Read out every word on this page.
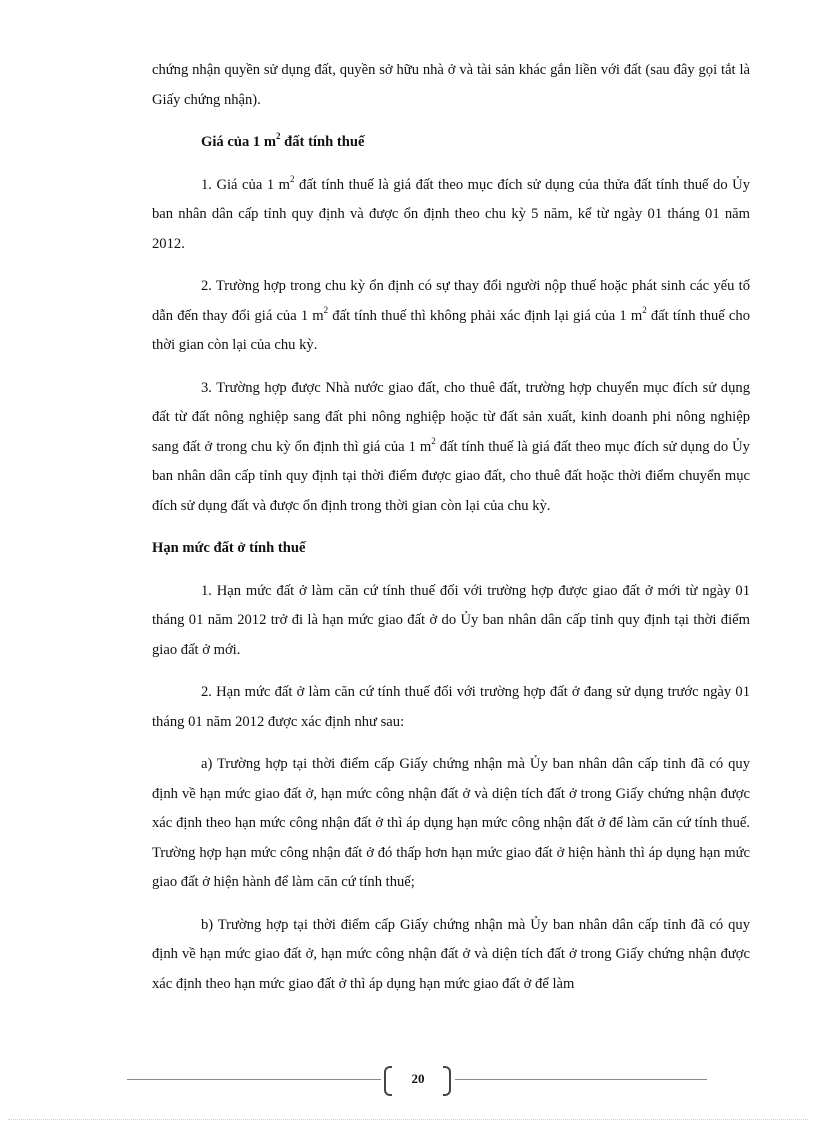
chứng nhận quyền sử dụng đất, quyền sở hữu nhà ở và tài sản khác gắn liền với đất (sau đây gọi tắt là Giấy chứng nhận).

Giá của 1 $m^2$ đất tính thuế

1. Giá của 1 $m^2$ đất tính thuế là giá đất theo mục đích sử dụng của thửa đất tính thuế do Ủy ban nhân dân cấp tỉnh quy định và được ổn định theo chu kỳ 5 năm, kể từ ngày 01 tháng 01 năm 2012.

2. Trường hợp trong chu kỳ ổn định có sự thay đổi người nộp thuế hoặc phát sinh các yếu tố dẫn đến thay đổi giá của 1 $m^2$ đất tính thuế thì không phải xác định lại giá của 1 $m^2$ đất tính thuế cho thời gian còn lại của chu kỳ.

3. Trường hợp được Nhà nước giao đất, cho thuê đất, trường hợp chuyển mục đích sử dụng đất từ đất nông nghiệp sang đất phi nông nghiệp hoặc từ đất sản xuất, kinh doanh phi nông nghiệp sang đất ở trong chu kỳ ổn định thì giá của 1 $m^2$ đất tính thuế là giá đất theo mục đích sử dụng do Ủy ban nhân dân cấp tỉnh quy định tại thời điểm được giao đất, cho thuê đất hoặc thời điểm chuyển mục đích sử dụng đất và được ổn định trong thời gian còn lại của chu kỳ.

Hạn mức đất ở tính thuế

1. Hạn mức đất ở làm căn cứ tính thuế đối với trường hợp được giao đất ở mới từ ngày 01 tháng 01 năm 2012 trở đi là hạn mức giao đất ở do Ủy ban nhân dân cấp tỉnh quy định tại thời điểm giao đất ở mới.

2. Hạn mức đất ở làm căn cứ tính thuế đối với trường hợp đất ở đang sử dụng trước ngày 01 tháng 01 năm 2012 được xác định như sau:

a) Trường hợp tại thời điểm cấp Giấy chứng nhận mà Ủy ban nhân dân cấp tỉnh đã có quy định về hạn mức giao đất ở, hạn mức công nhận đất ở và diện tích đất ở trong Giấy chứng nhận được xác định theo hạn mức công nhận đất ở thì áp dụng hạn mức công nhận đất ở để làm căn cứ tính thuế. Trường hợp hạn mức công nhận đất ở đó thấp hơn hạn mức giao đất ở hiện hành thì áp dụng hạn mức giao đất ở hiện hành để làm căn cứ tính thuế;

b) Trường hợp tại thời điểm cấp Giấy chứng nhận mà Ủy ban nhân dân cấp tỉnh đã có quy định về hạn mức giao đất ở, hạn mức công nhận đất ở và diện tích đất ở trong Giấy chứng nhận được xác định theo hạn mức giao đất ở thì áp dụng hạn mức giao đất ở để làm

20
